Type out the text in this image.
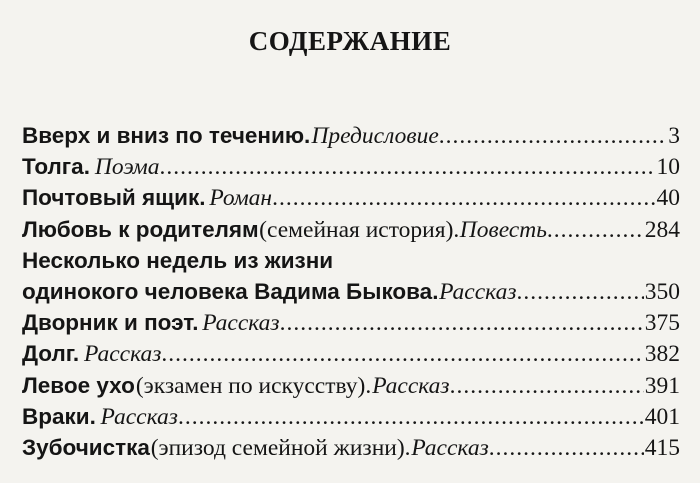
СОДЕРЖАНИЕ
Вверх и вниз по течению. Предисловие .....	3
Толга. Поэма .....	10
Почтовый ящик. Роман .....	40
Любовь к родителям (семейная история). Повесть .....	284
Несколько недель из жизни
одинокого человека Вадима Быкова. Рассказ .....	350
Дворник и поэт. Рассказ .....	375
Долг. Рассказ .....	382
Левое ухо (экзамен по искусству). Рассказ .....	391
Враки. Рассказ .....	401
Зубочистка (эпизод семейной жизни). Рассказ .....	415
